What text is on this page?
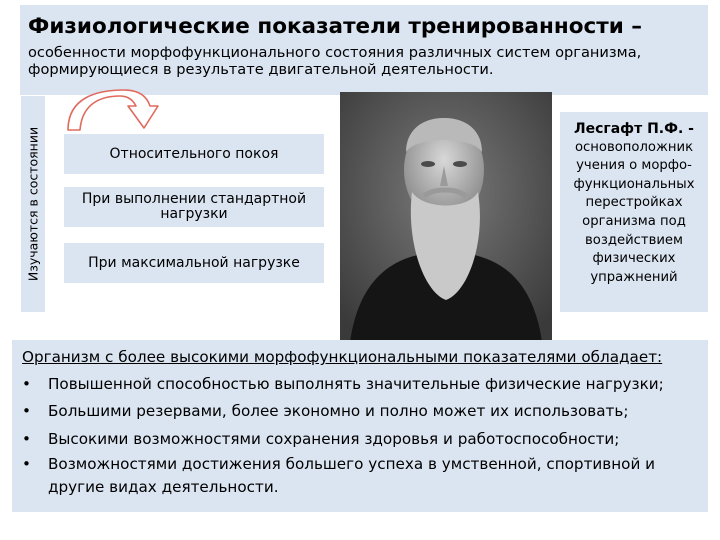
Физиологические показатели тренированности –
особенности морфофункционального состояния различных систем организма,
формирующиеся в результате двигательной деятельности.
Изучаются в состоянии	Относительного покоя
При выполнении стандартной нагрузки
При максимальной нагрузке
Лесгафт П.Ф. -
основоположник
учения о морфо-
функциональных
перестройках
организма под
воздействием
физических
упражнений
Организм с более высокими морфофункциональными показателями обладает:
• Повышенной способностью выполнять значительные физические нагрузки;
• Большими резервами, более экономно и полно может их использовать;
• Высокими возможностями сохранения здоровья и работоспособности;
• Возможностями достижения большего успеха в умственной, спортивной и другие видах деятельности.
